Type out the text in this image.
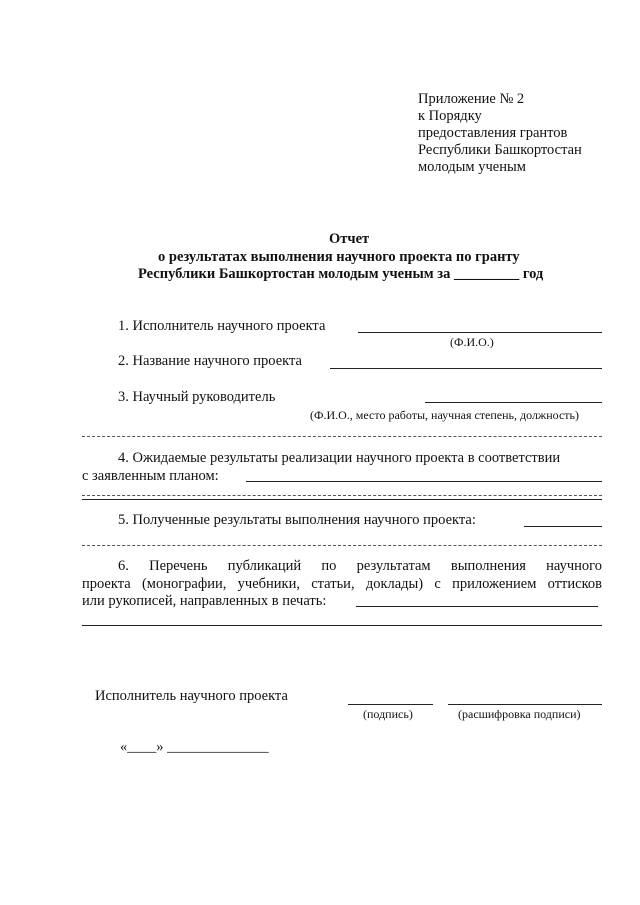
Приложение № 2
к Порядку
предоставления грантов
Республики Башкортостан
молодым ученым
Отчет
о результатах выполнения научного проекта по гранту
Республики Башкортостан молодым ученым за _________ год
1. Исполнитель научного проекта
(Ф.И.О.)
2. Название научного проекта
3. Научный руководитель
(Ф.И.О., место работы, научная степень, должность)
4. Ожидаемые результаты реализации научного проекта в соответствии
с заявленным планом:
5. Полученные результаты выполнения научного проекта:
6. Перечень публикаций по результатам выполнения научного
проекта (монографии, учебники, статьи, доклады) с приложением оттисков
или рукописей, направленных в печать:
Исполнитель научного проекта
(подпись)	(расшифровка подписи)
«____» ______________
